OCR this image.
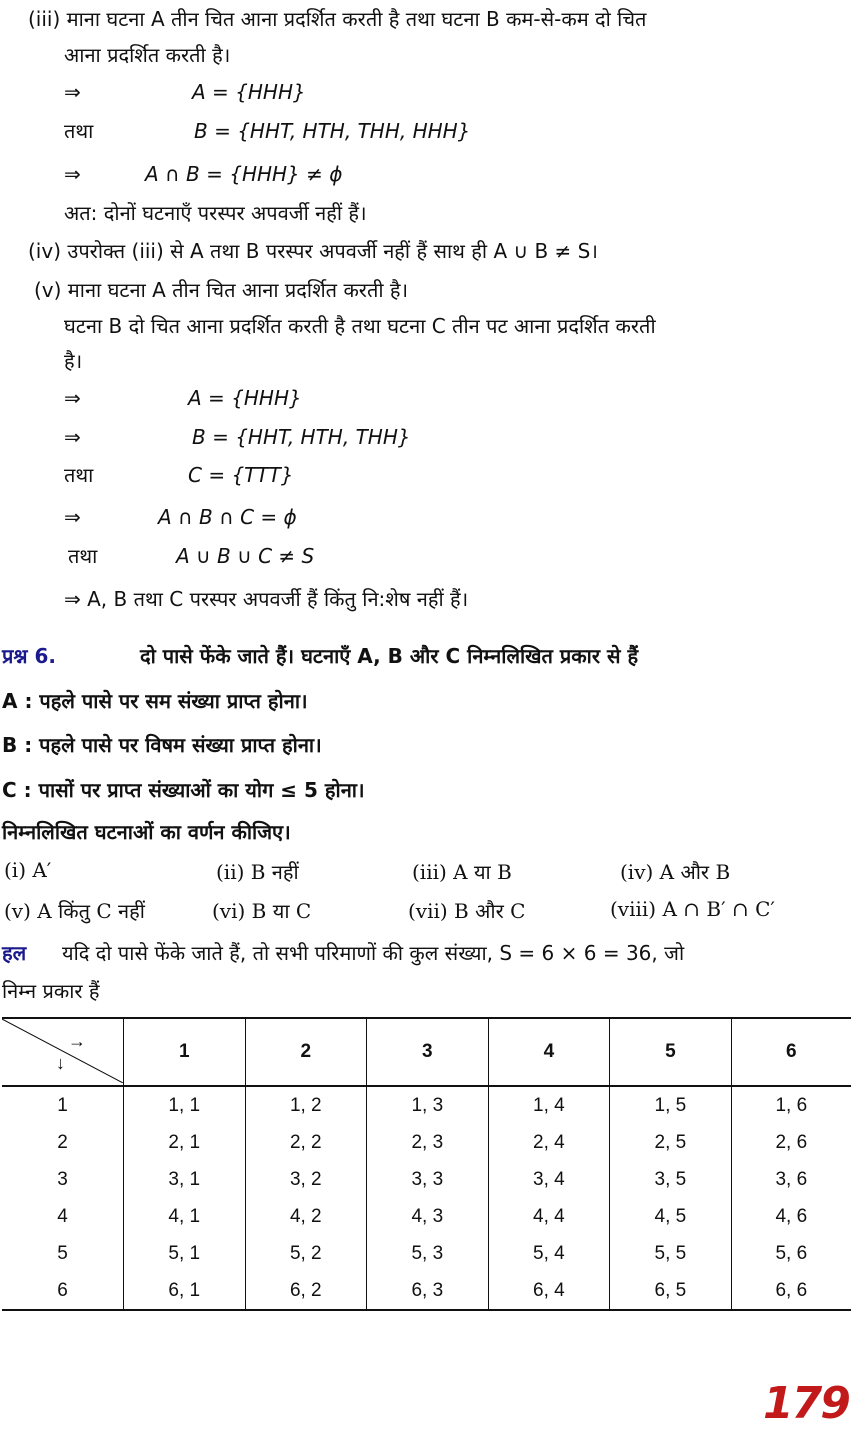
(iii) माना घटना A तीन चित आना प्रदर्शित करती है तथा घटना B कम-से-कम दो चित
आना प्रदर्शित करती है।
⇒	A = {HHH}
तथा	B = {HHT, HTH, THH, HHH}
⇒	A ∩ B = {HHH} ≠ ϕ
अत: दोनों घटनाएँ परस्पर अपवर्जी नहीं हैं।
(iv) उपरोक्त (iii) से A तथा B परस्पर अपवर्जी नहीं हैं साथ ही A ∪ B ≠ S।
(v) माना घटना A तीन चित आना प्रदर्शित करती है।
घटना B दो चित आना प्रदर्शित करती है तथा घटना C तीन पट आना प्रदर्शित करती
है।
⇒	A = {HHH}
⇒	B = {HHT, HTH, THH}
तथा	C = {TTT}
⇒	A ∩ B ∩ C = ϕ
तथा	A ∪ B ∪ C ≠ S
⇒ A, B तथा C परस्पर अपवर्जी हैं किंतु नि:शेष नहीं हैं।
प्रश्न 6.	दो पासे फेंके जाते हैं। घटनाएँ A, B और C निम्नलिखित प्रकार से हैं
A : पहले पासे पर सम संख्या प्राप्त होना।
B : पहले पासे पर विषम संख्या प्राप्त होना।
C : पासों पर प्राप्त संख्याओं का योग ≤ 5 होना।
निम्नलिखित घटनाओं का वर्णन कीजिए।
(i) A′	(ii) B नहीं	(iii) A या B	(iv) A और B
(v) A किंतु C नहीं	(vi) B या C	(vii) B और C	(viii) A ∩ B′ ∩ C′
हल यदि दो पासे फेंके जाते हैं, तो सभी परिमाणों की कुल संख्या, S = 6 × 6 = 36, जो
निम्न प्रकार हैं
→
↓	1	2	3	4	5	6
1	1, 1	1, 2	1, 3	1, 4	1, 5	1, 6
2	2, 1	2, 2	2, 3	2, 4	2, 5	2, 6
3	3, 1	3, 2	3, 3	3, 4	3, 5	3, 6
4	4, 1	4, 2	4, 3	4, 4	4, 5	4, 6
5	5, 1	5, 2	5, 3	5, 4	5, 5	5, 6
6	6, 1	6, 2	6, 3	6, 4	6, 5	6, 6
179
